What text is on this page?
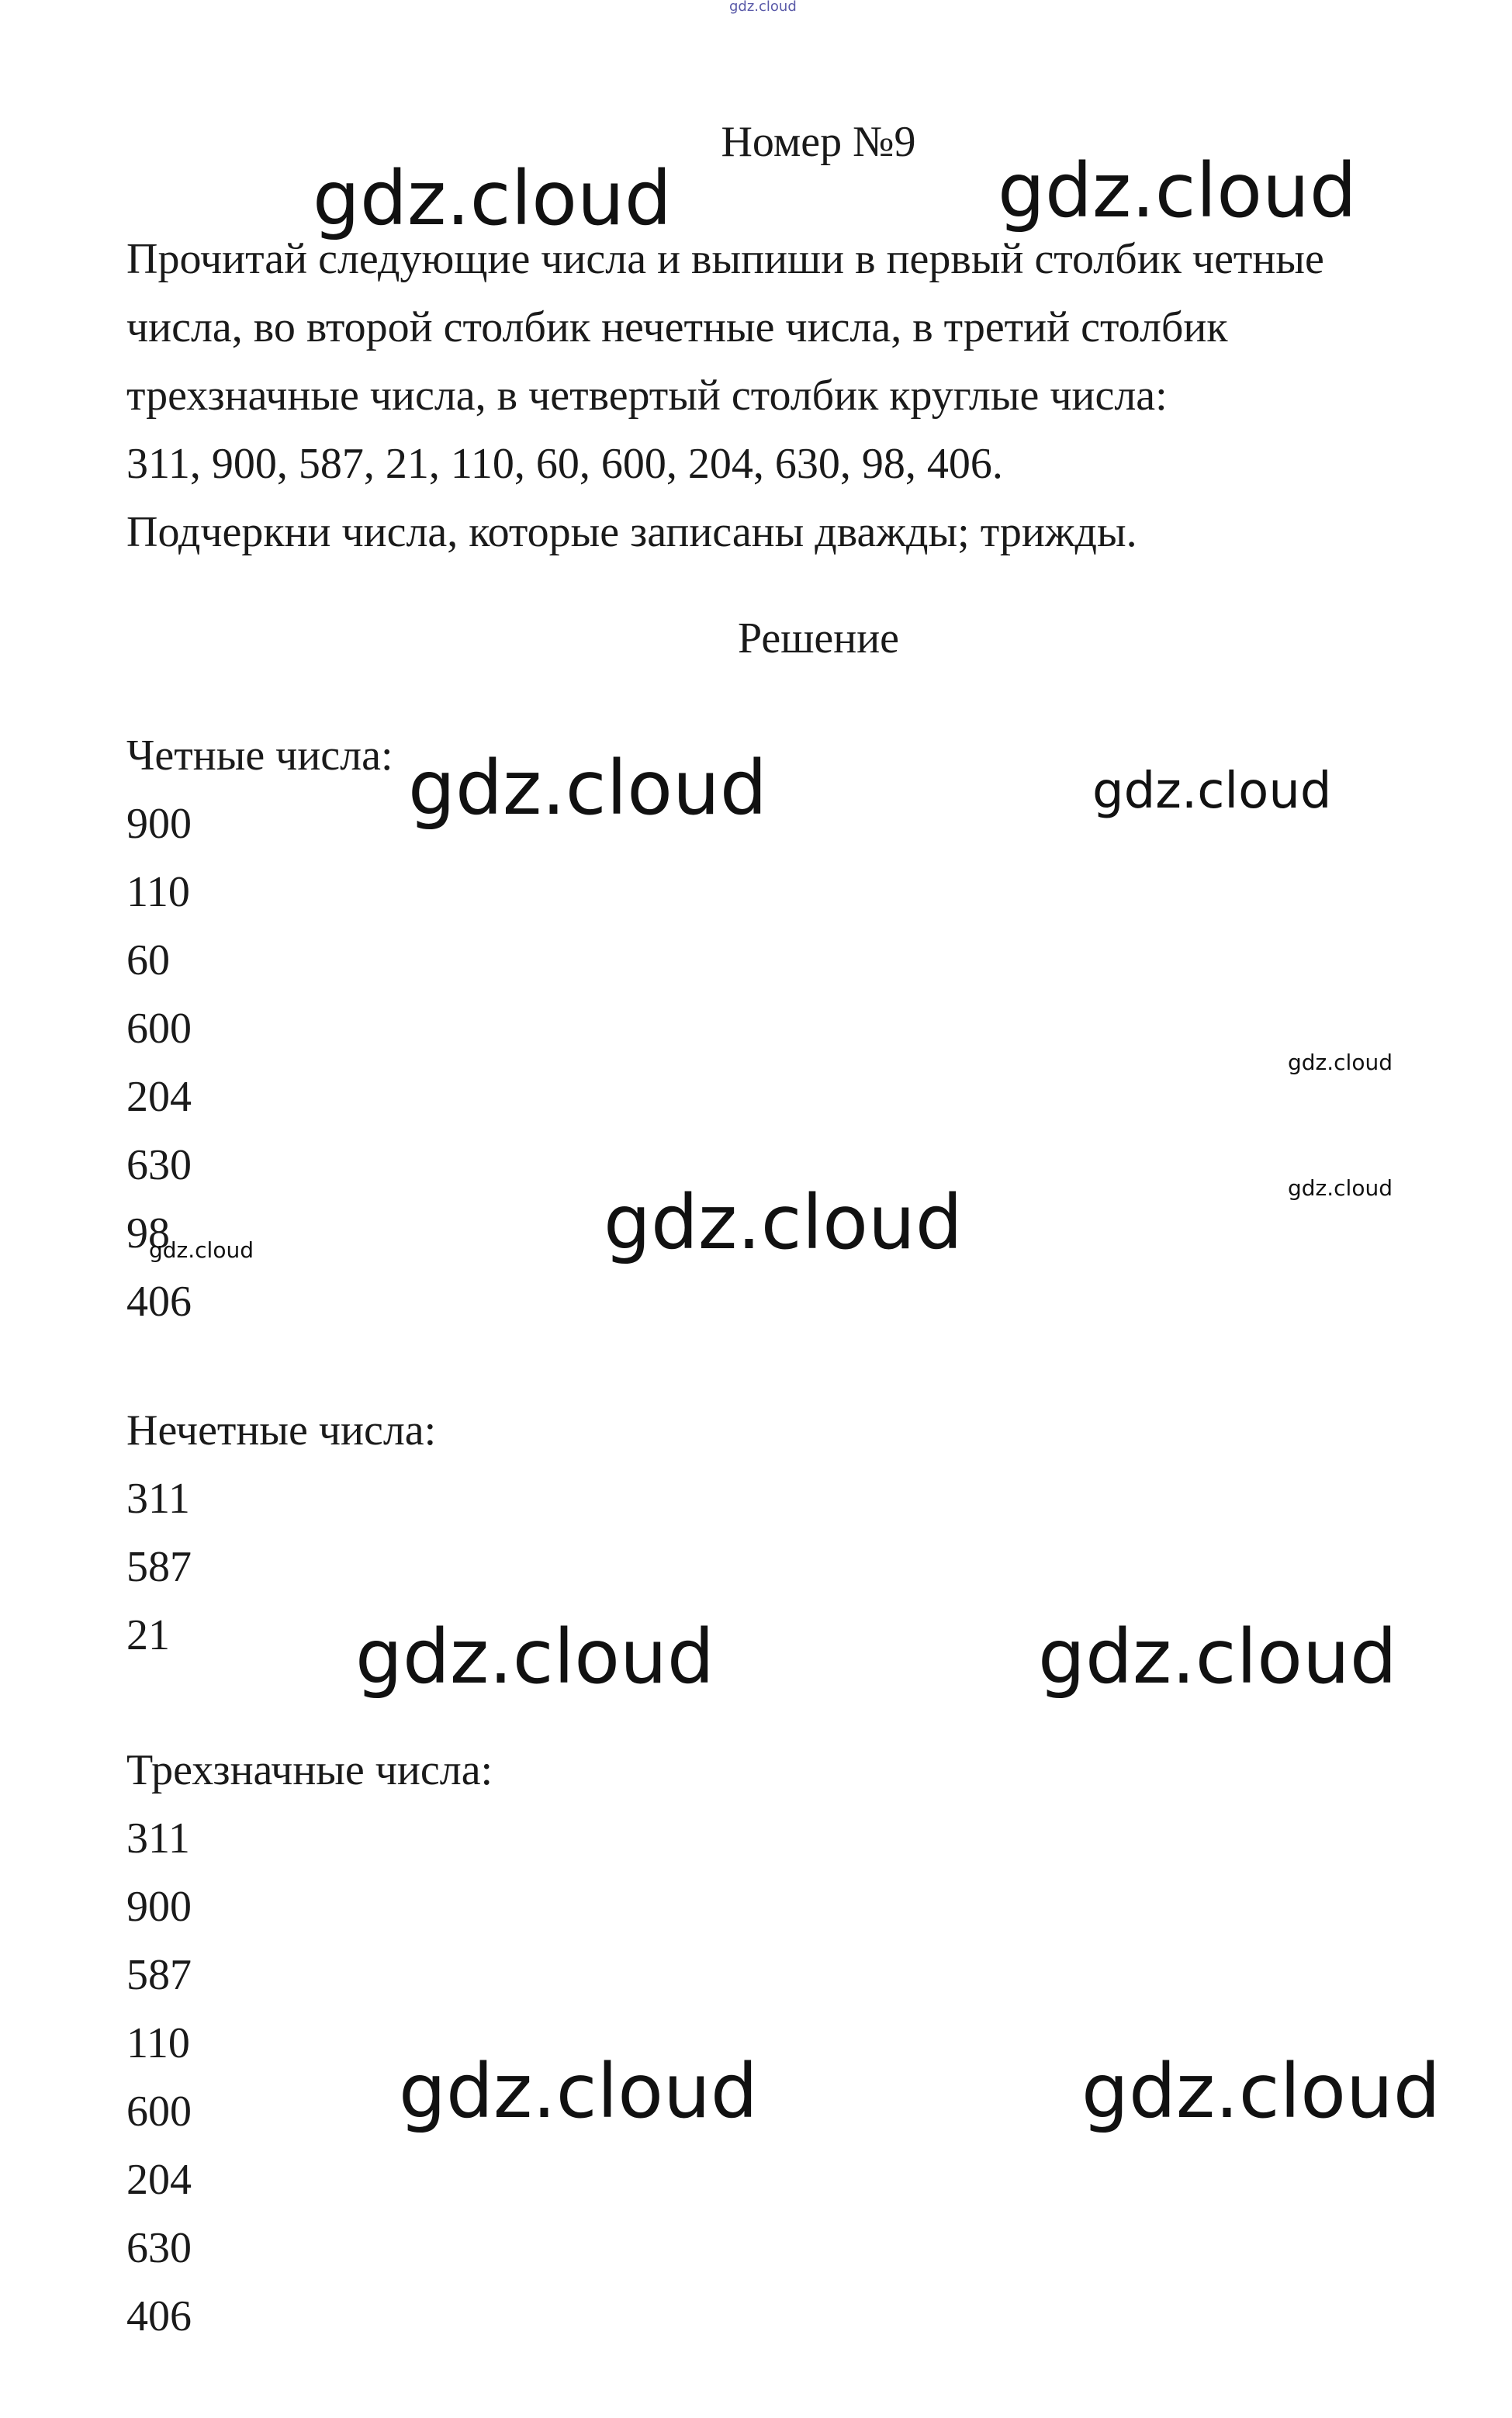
Номер №9
Прочитай следующие числа и выпиши в первый столбик четные
числа, во второй столбик нечетные числа, в третий столбик
трехзначные числа, в четвертый столбик круглые числа:
311, 900, 587, 21, 110, 60, 600, 204, 630, 98, 406.
Подчеркни числа, которые записаны дважды; трижды.
Решение
Четные числа:
900
110
60
600
204
630
98
406
Нечетные числа:
311
587
21
Трехзначные числа:
311
900
587
110
600
204
630
406
gdz.cloud
gdz.cloud	gdz.cloud
gdz.cloud	gdz.cloud
gdz.cloud
gdz.cloud
gdz.cloud	gdz.cloud
gdz.cloud	gdz.cloud
gdz.cloud	gdz.cloud
